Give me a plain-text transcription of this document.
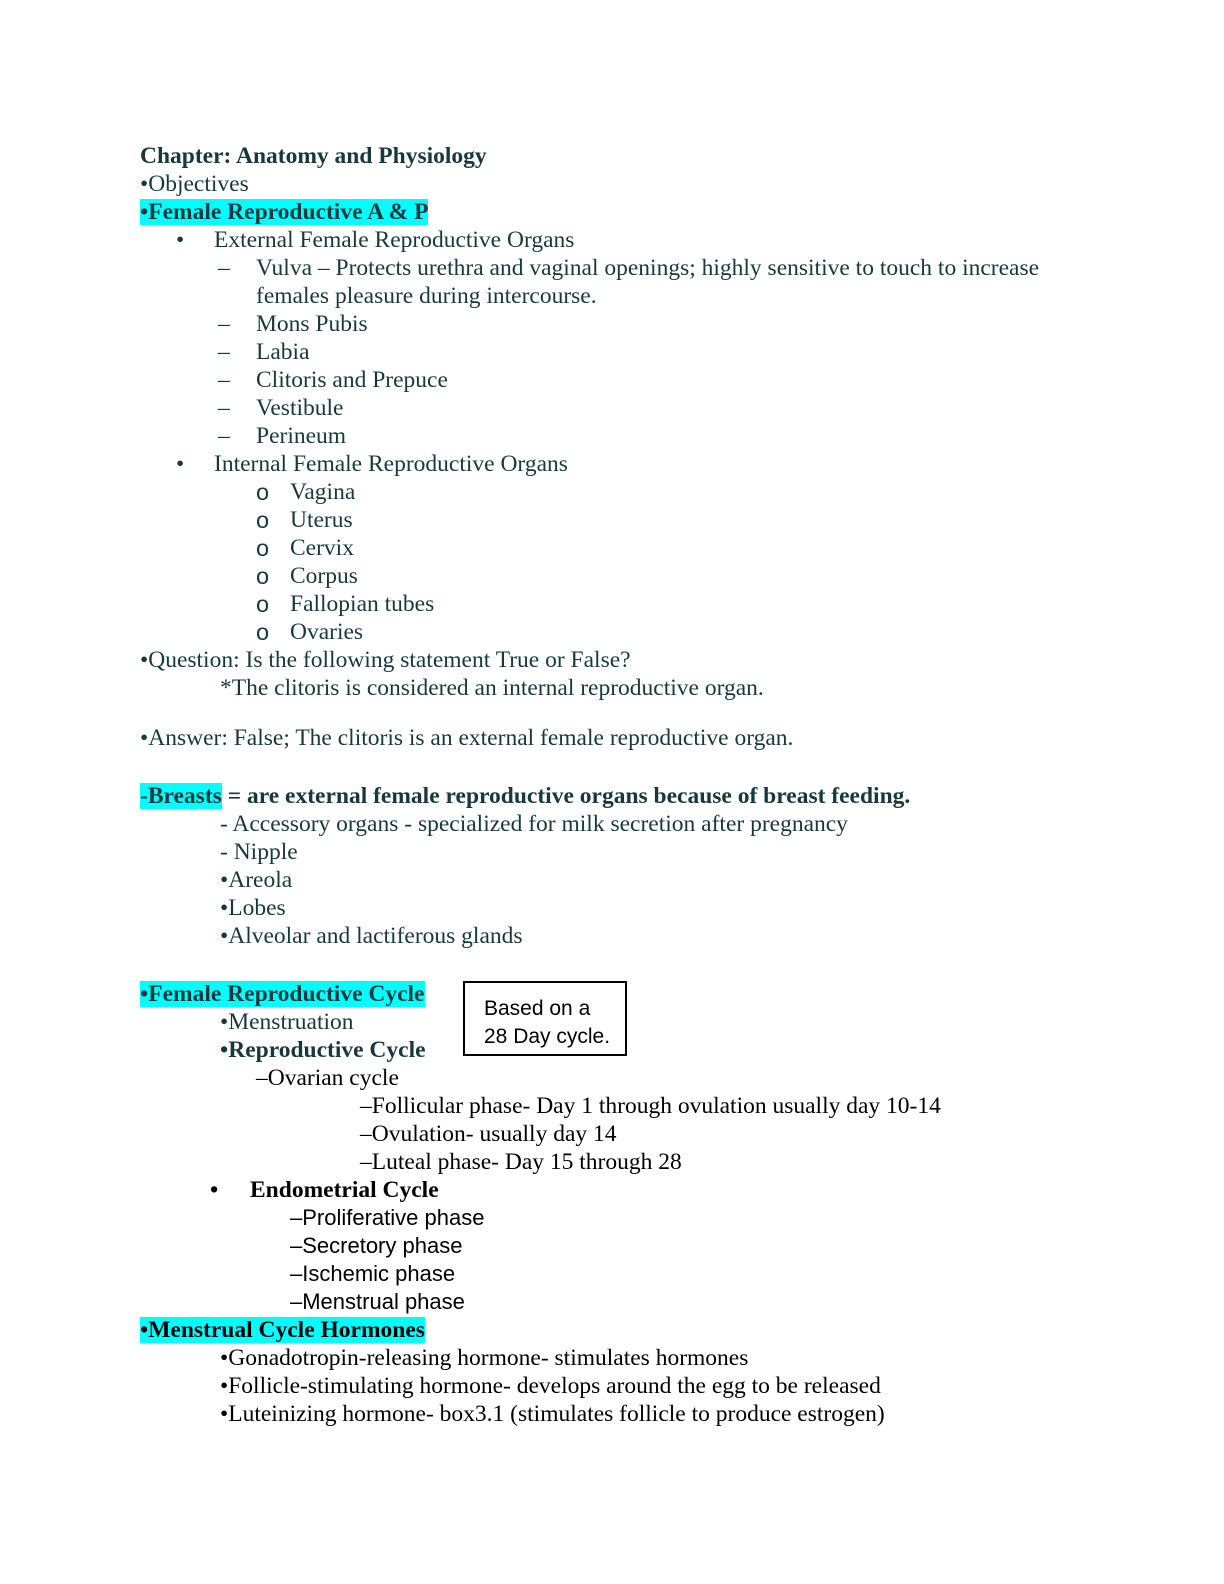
Chapter: Anatomy and Physiology
•Objectives
•Female Reproductive A & P
•	External Female Reproductive Organs
–	Vulva – Protects urethra and vaginal openings; highly sensitive to touch to increase females pleasure during intercourse.
–	Mons Pubis
–	Labia
–	Clitoris and Prepuce
–	Vestibule
–	Perineum
•	Internal Female Reproductive Organs
o Vagina
o Uterus
o Cervix
o Corpus
o Fallopian tubes
o Ovaries
•Question: Is the following statement True or False?
*The clitoris is considered an internal reproductive organ.
•Answer: False; The clitoris is an external female reproductive organ.
-Breasts = are external female reproductive organs because of breast feeding.
- Accessory organs - specialized for milk secretion after pregnancy
- Nipple
•Areola
•Lobes
•Alveolar and lactiferous glands
•Female Reproductive Cycle
•Menstruation
•Reproductive Cycle
–Ovarian cycle
–Follicular phase- Day 1 through ovulation usually day 10-14
–Ovulation- usually day 14
–Luteal phase- Day 15 through 28
•	Endometrial Cycle
–Proliferative phase
–Secretory phase
–Ischemic phase
–Menstrual phase
•Menstrual Cycle Hormones
•Gonadotropin-releasing hormone- stimulates hormones
•Follicle-stimulating hormone- develops around the egg to be released
•Luteinizing hormone- box3.1 (stimulates follicle to produce estrogen)
Based on a
28 Day cycle.
